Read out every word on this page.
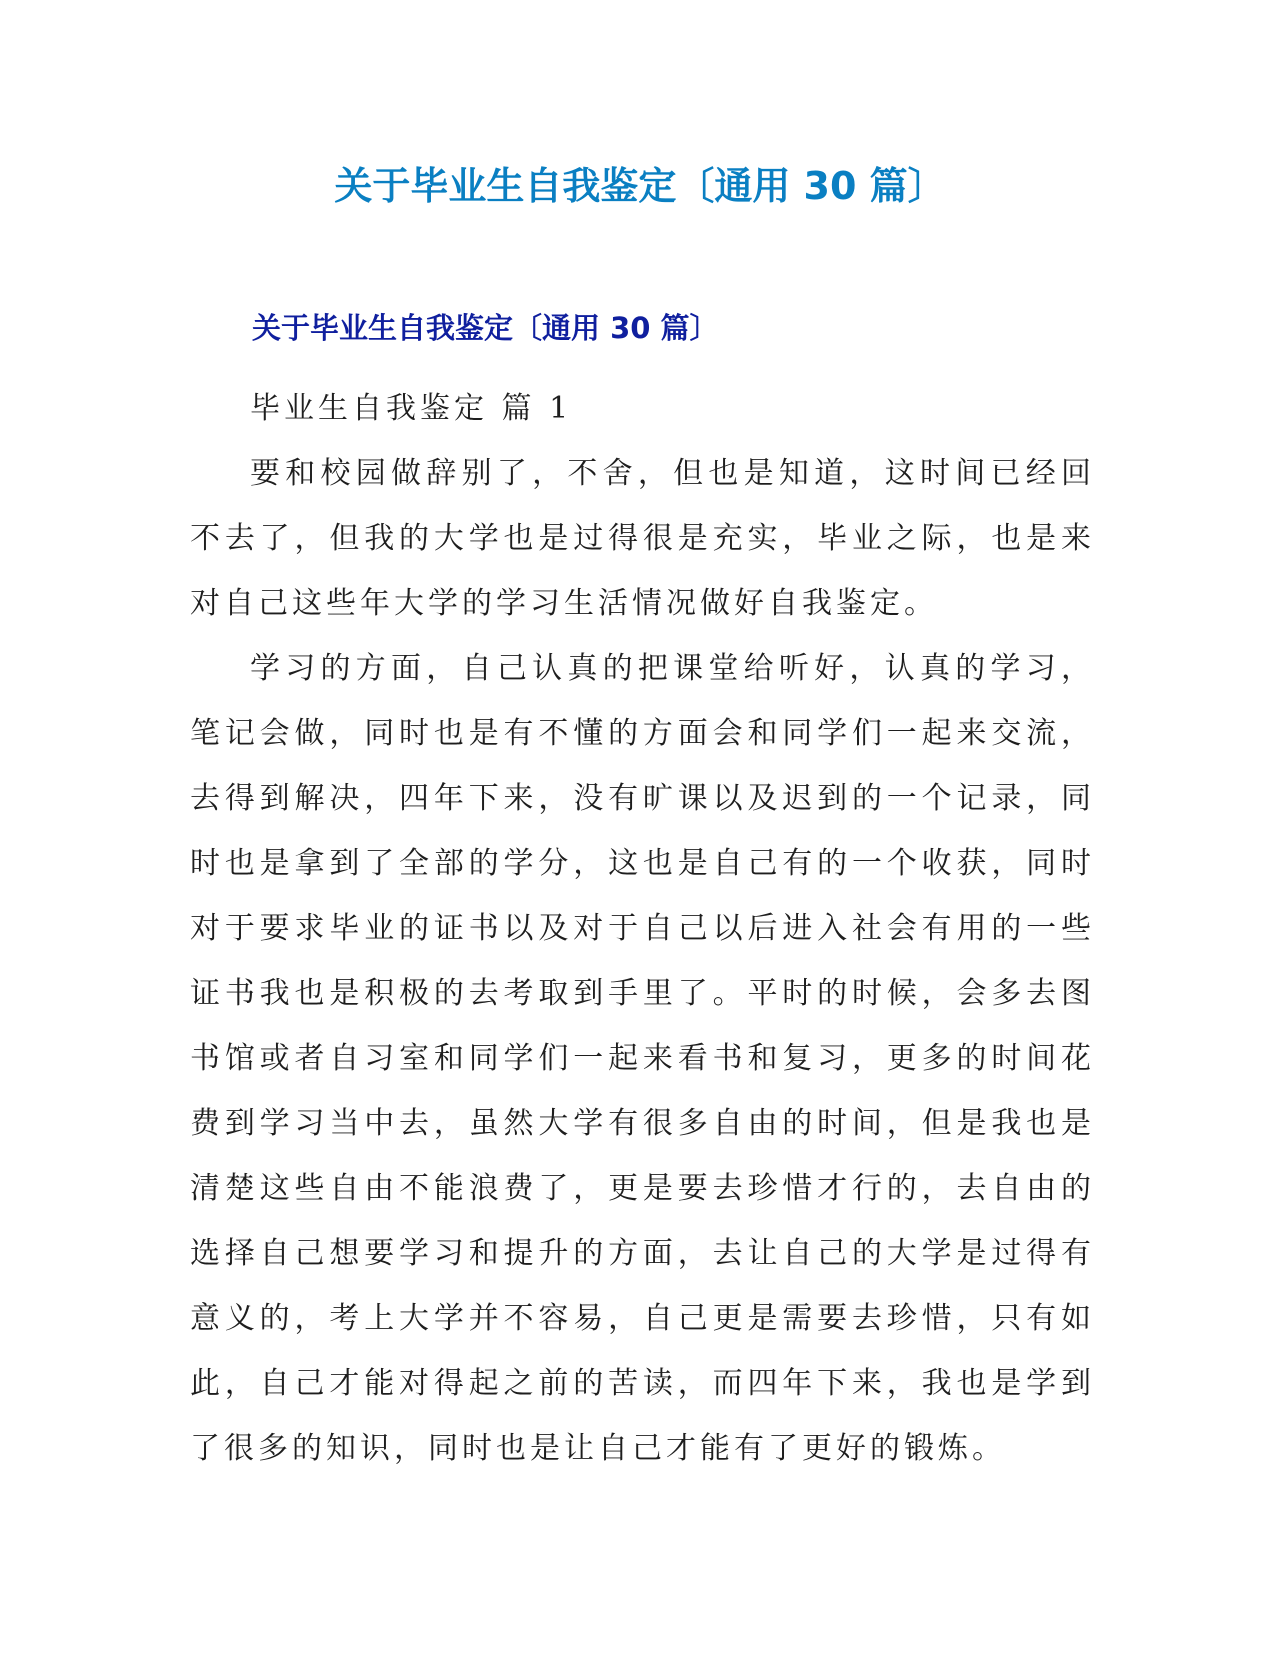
关于毕业生自我鉴定〔通用 30 篇〕
关于毕业生自我鉴定〔通用 30 篇〕

毕业生自我鉴定 篇 1

要和校园做辞别了，不舍，但也是知道，这时间已经回不去了，但我的大学也是过得很是充实，毕业之际，也是来对自己这些年大学的学习生活情况做好自我鉴定。

学习的方面，自己认真的把课堂给听好，认真的学习，笔记会做，同时也是有不懂的方面会和同学们一起来交流，去得到解决，四年下来，没有旷课以及迟到的一个记录，同时也是拿到了全部的学分，这也是自己有的一个收获，同时对于要求毕业的证书以及对于自己以后进入社会有用的一些证书我也是积极的去考取到手里了。平时的时候，会多去图书馆或者自习室和同学们一起来看书和复习，更多的时间花费到学习当中去，虽然大学有很多自由的时间，但是我也是清楚这些自由不能浪费了，更是要去珍惜才行的，去自由的选择自己想要学习和提升的方面，去让自己的大学是过得有意义的，考上大学并不容易，自己更是需要去珍惜，只有如此，自己才能对得起之前的苦读，而四年下来，我也是学到了很多的知识，同时也是让自己才能有了更好的锻炼。
